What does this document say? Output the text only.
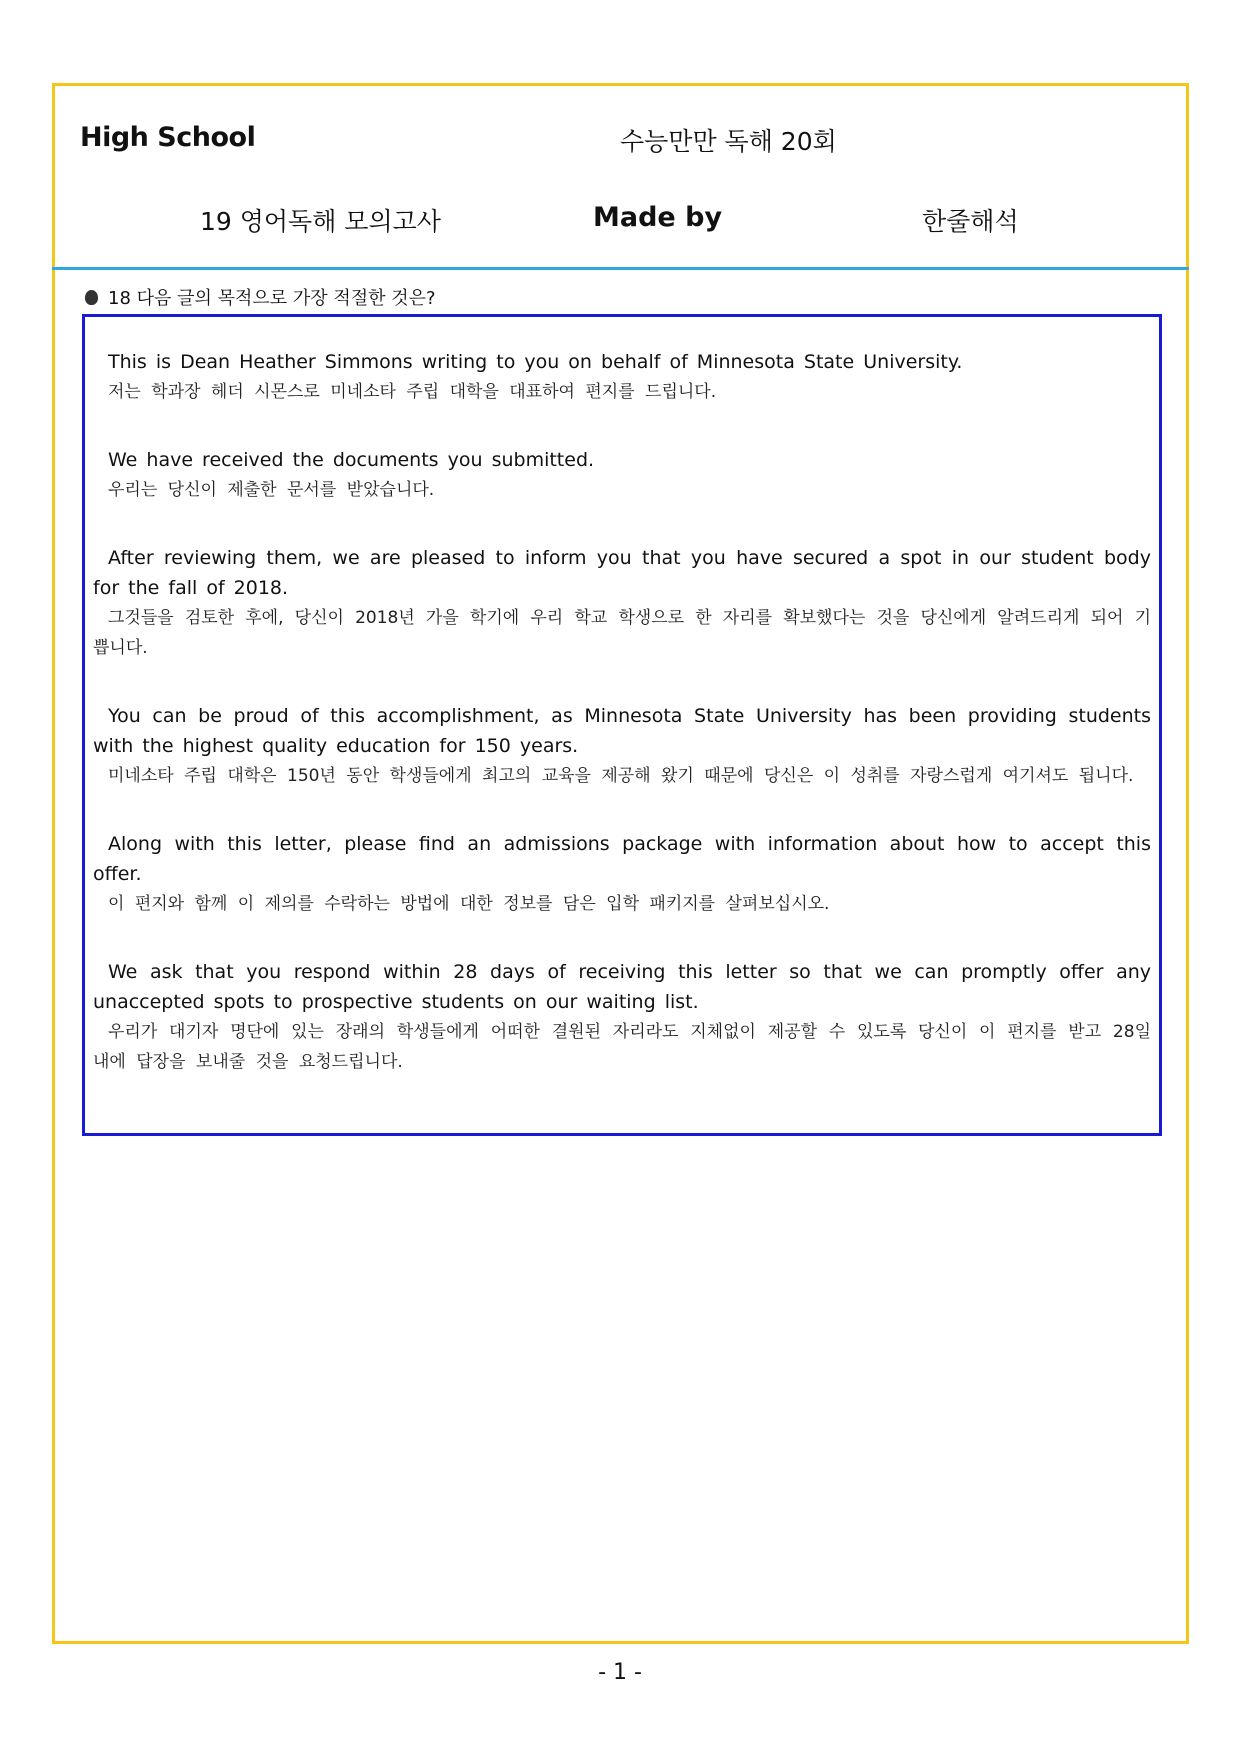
High School	수능만만 독해 20회
19 영어독해 모의고사	Made by	한줄해석
18 다음 글의 목적으로 가장 적절한 것은?
This is Dean Heather Simmons writing to you on behalf of Minnesota State University.
저는 학과장 헤더 시몬스로 미네소타 주립 대학을 대표하여 편지를 드립니다.
We have received the documents you submitted.
우리는 당신이 제출한 문서를 받았습니다.
After reviewing them, we are pleased to inform you that you have secured a spot in our student body for the fall of 2018.
그것들을 검토한 후에, 당신이 2018년 가을 학기에 우리 학교 학생으로 한 자리를 확보했다는 것을 당신에게 알려드리게 되어 기쁩니다.
You can be proud of this accomplishment, as Minnesota State University has been providing students with the highest quality education for 150 years.
미네소타 주립 대학은 150년 동안 학생들에게 최고의 교육을 제공해 왔기 때문에 당신은 이 성취를 자랑스럽게 여기셔도 됩니다.
Along with this letter, please find an admissions package with information about how to accept this offer.
이 편지와 함께 이 제의를 수락하는 방법에 대한 정보를 담은 입학 패키지를 살펴보십시오.
We ask that you respond within 28 days of receiving this letter so that we can promptly offer any unaccepted spots to prospective students on our waiting list.
우리가 대기자 명단에 있는 장래의 학생들에게 어떠한 결원된 자리라도 지체없이 제공할 수 있도록 당신이 이 편지를 받고 28일 내에 답장을 보내줄 것을 요청드립니다.
- 1 -
